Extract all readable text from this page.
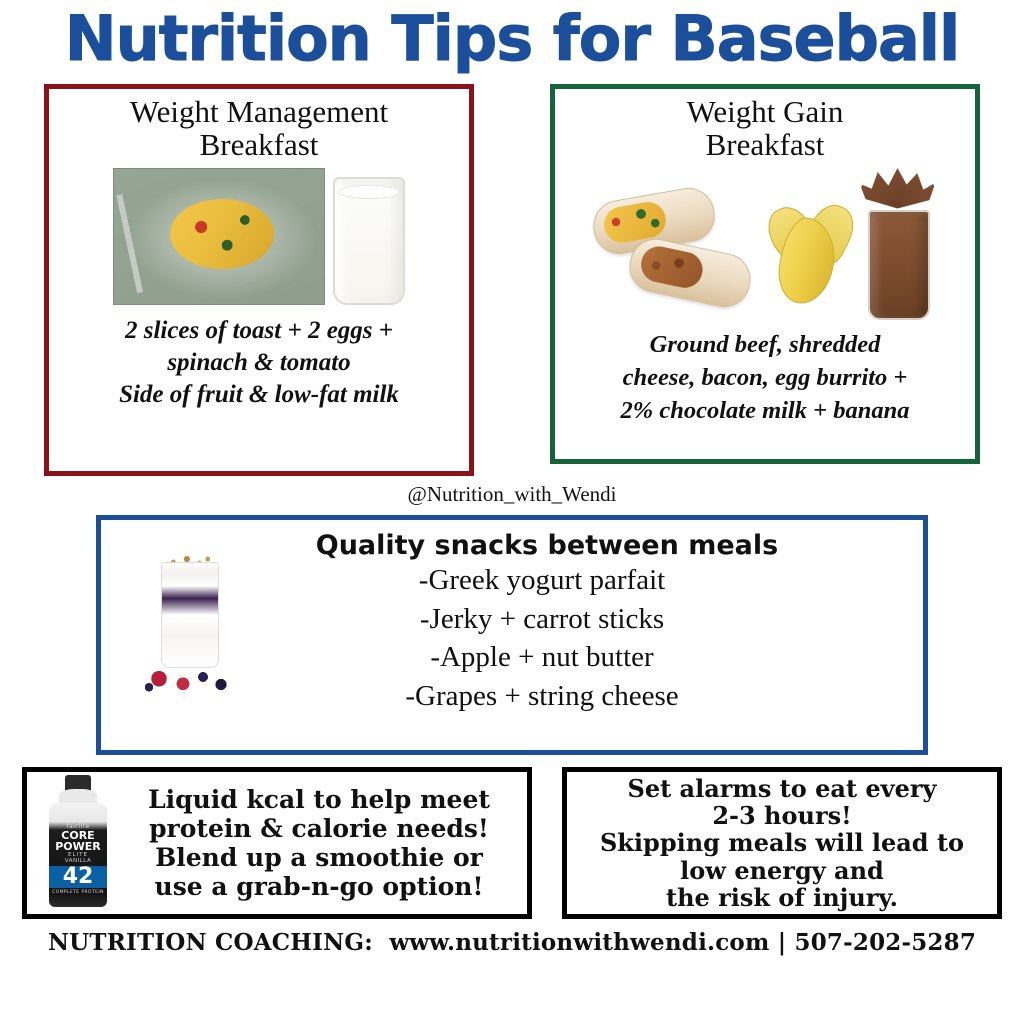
Nutrition Tips for Baseball
Weight Management
Breakfast
2 slices of toast + 2 eggs +
spinach & tomato
Side of fruit & low-fat milk
Weight Gain
Breakfast
Ground beef, shredded
cheese, bacon, egg burrito +
2% chocolate milk + banana
@Nutrition_with_Wendi
Quality snacks between meals
-Greek yogurt parfait
-Jerky + carrot sticks
-Apple + nut butter
-Grapes + string cheese
fairlife
CORE POWER
ELITE
VANILLA
42
COMPLETE PROTEIN
Liquid kcal to help meet
protein & calorie needs!
Blend up a smoothie or
use a grab-n-go option!
Set alarms to eat every
2-3 hours!
Skipping meals will lead to
low energy and
the risk of injury.
NUTRITION COACHING: www.nutritionwithwendi.com | 507-202-5287
